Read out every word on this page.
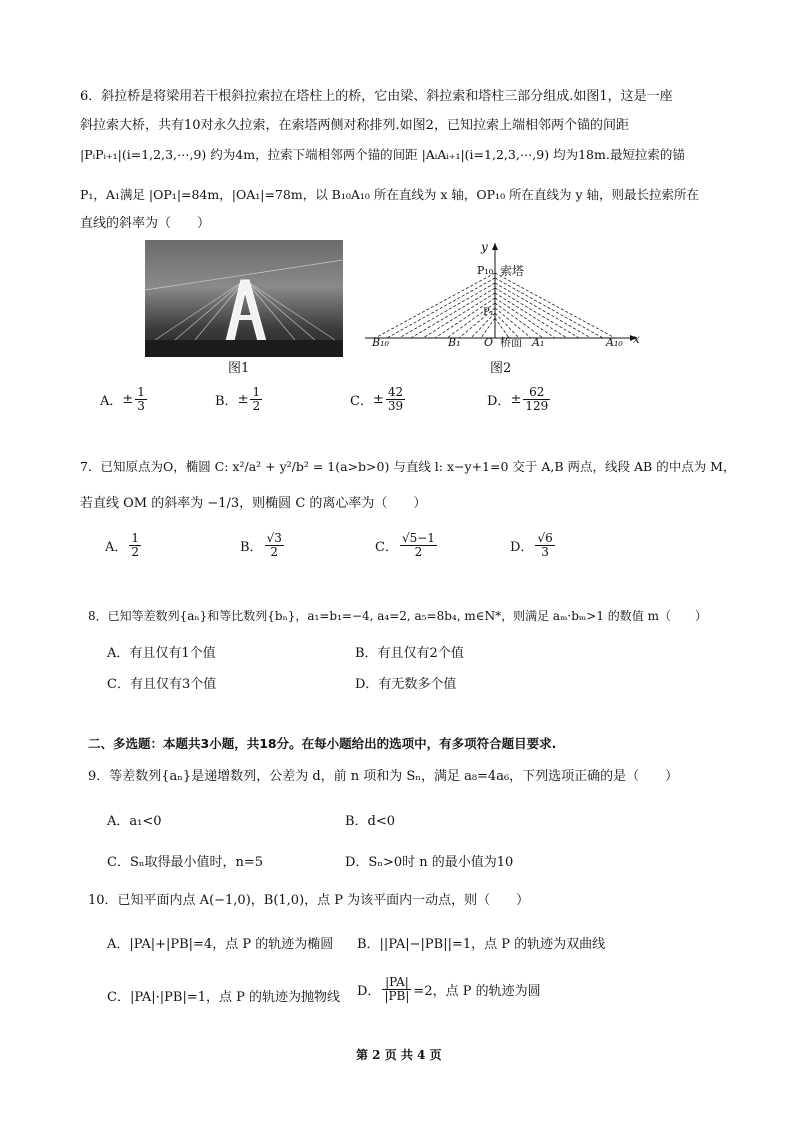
6．斜拉桥是将梁用若干根斜拉索拉在塔柱上的桥，它由梁、斜拉索和塔柱三部分组成.如图1，这是一座
斜拉索大桥，共有10对永久拉索，在索塔两侧对称排列.如图2，已知拉索上端相邻两个锚的间距
|PᵢPᵢ₊₁|(i=1,2,3,⋯,9) 约为4m，拉索下端相邻两个锚的间距 |AᵢAᵢ₊₁|(i=1,2,3,⋯,9) 均为18m.最短拉索的锚
P₁，A₁满足 |OP₁|=84m，|OA₁|=78m，以 B₁₀A₁₀ 所在直线为 x 轴，OP₁₀ 所在直线为 y 轴，则最长拉索所在
直线的斜率为（　　）
图1
y
x
P₁₀ 索塔
P₁
B₁₀	B₁ O 桥面 A₁	A₁₀
图2
A．± $\frac{1}{3}$	B．± $\frac{1}{2}$	C．± $\frac{42}{39}$	D．± $\frac{62}{129}$
7．已知原点为O，椭圆 C: x²/a² + y²/b² = 1(a>b>0) 与直线 l: x−y+1=0 交于 A,B 两点，线段 AB 的中点为 M，
若直线 OM 的斜率为 −1/3，则椭圆 C 的离心率为（　　）
A． $\frac{1}{2}$	B． $\frac{√3}{2}$	C． $\frac{√5-1}{2}$	D． $\frac{√6}{3}$
8．已知等差数列{aₙ}和等比数列{bₙ}，a₁=b₁=−4, a₄=2, a₅=8b₄, m∈N*，则满足 aₘ·bₘ>1 的数值 m（　　）
A．有且仅有1个值	B．有且仅有2个值
C．有且仅有3个值	D．有无数多个值
二、多选题：本题共3小题，共18分。在每小题给出的选项中，有多项符合题目要求.
9．等差数列{aₙ}是递增数列，公差为 d，前 n 项和为 Sₙ，满足 a₈=4a₆，下列选项正确的是（　　）
A．a₁<0	B．d<0
C．Sₙ取得最小值时，n=5	D．Sₙ>0时 n 的最小值为10
10．已知平面内点 A(−1,0)，B(1,0)，点 P 为该平面内一动点，则（　　）
A．|PA|+|PB|=4，点 P 的轨迹为椭圆 B．||PA|−|PB||=1，点 P 的轨迹为双曲线
C．|PA|·|PB|=1，点 P 的轨迹为抛物线 D． $\frac{|PA|}{|PB|} =2$，点 P 的轨迹为圆
第 2 页 共 4 页
